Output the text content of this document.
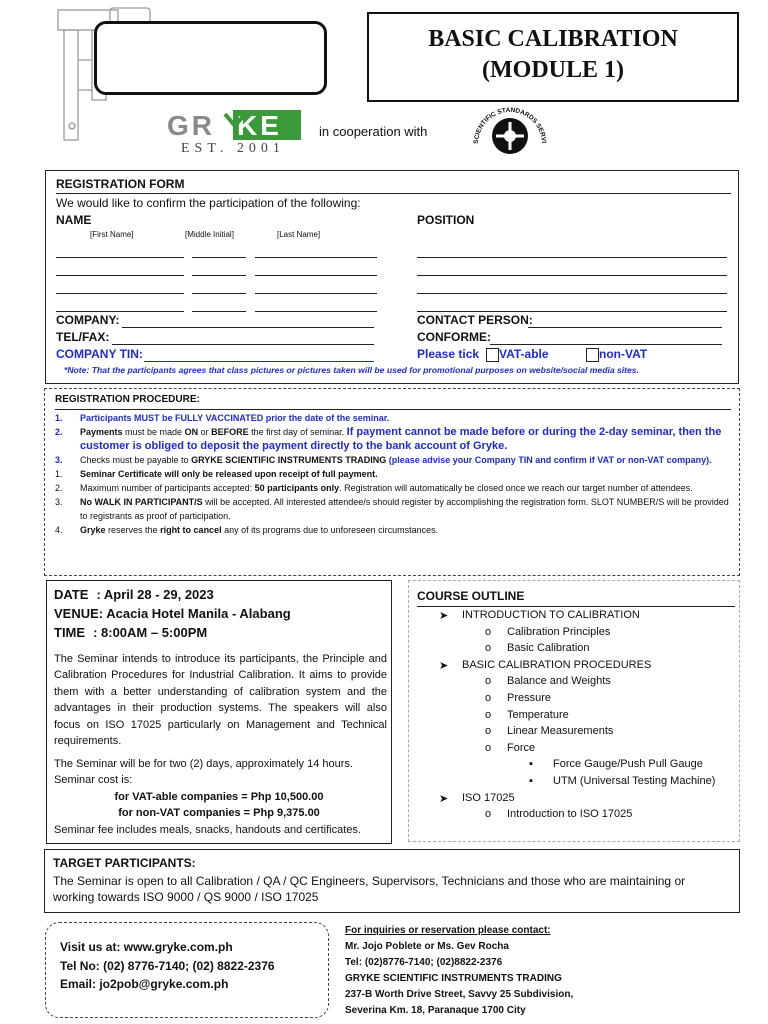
BASIC CALIBRATION
(MODULE 1)
GR KE
EST. 2001
in cooperation with
SCIENTIFIC STANDARDS SERVI
REGISTRATION FORM
We would like to confirm the participation of the following:
NAME	POSITION
[First Name]	[Middle Initial]	[Last Name]

COMPANY:
TEL/FAX:
COMPANY TIN:
CONTACT PERSON:
CONFORME:
Please tick VAT-able	non-VAT
*Note: That the participants agrees that class pictures or pictures taken will be used for promotional purposes on website/social media sites.
REGISTRATION PROCEDURE:
1. Participants MUST be FULLY VACCINATED prior the date of the seminar.
2. Payments must be made ON or BEFORE the first day of seminar. If payment cannot be made before or during the 2-day seminar, then the customer is obliged to deposit the payment directly to the bank account of Gryke.
3. Checks must be payable to GRYKE SCIENTIFIC INSTRUMENTS TRADING (please advise your Company TIN and confirm if VAT or non-VAT company).
1. Seminar Certificate will only be released upon receipt of full payment.
2. Maximum number of participants accepted: 50 participants only. Registration will automatically be closed once we reach our target number of attendees.
3. No WALK IN PARTICIPANT/S will be accepted. All interested attendee/s should register by accomplishing the registration form. SLOT NUMBER/S will be provided to registrants as proof of participation.
4. Gryke reserves the right to cancel any of its programs due to unforeseen circumstances.
DATE : April 28 - 29, 2023
VENUE: Acacia Hotel Manila - Alabang
TIME : 8:00AM – 5:00PM
The Seminar intends to introduce its participants, the Principle and Calibration Procedures for Industrial Calibration. It aims to provide them with a better understanding of calibration system and the advantages in their production systems. The speakers will also focus on ISO 17025 particularly on Management and Technical requirements.
The Seminar will be for two (2) days, approximately 14 hours.
Seminar cost is:
for VAT-able companies = Php 10,500.00
for non-VAT companies = Php 9,375.00
Seminar fee includes meals, snacks, handouts and certificates.
COURSE OUTLINE
➤ INTRODUCTION TO CALIBRATION
o Calibration Principles
o Basic Calibration
➤ BASIC CALIBRATION PROCEDURES
o Balance and Weights
o Pressure
o Temperature
o Linear Measurements
o Force
▪ Force Gauge/Push Pull Gauge
▪ UTM (Universal Testing Machine)
➤ ISO 17025
o Introduction to ISO 17025
TARGET PARTICIPANTS:
The Seminar is open to all Calibration / QA / QC Engineers, Supervisors, Technicians and those who are maintaining or working towards ISO 9000 / QS 9000 / ISO 17025
Visit us at: www.gryke.com.ph
Tel No: (02) 8776-7140; (02) 8822-2376
Email: jo2pob@gryke.com.ph
For inquiries or reservation please contact:
Mr. Jojo Poblete or Ms. Gev Rocha
Tel: (02)8776-7140; (02)8822-2376
GRYKE SCIENTIFIC INSTRUMENTS TRADING
237-B Worth Drive Street, Savvy 25 Subdivision,
Severina Km. 18, Paranaque 1700 City
